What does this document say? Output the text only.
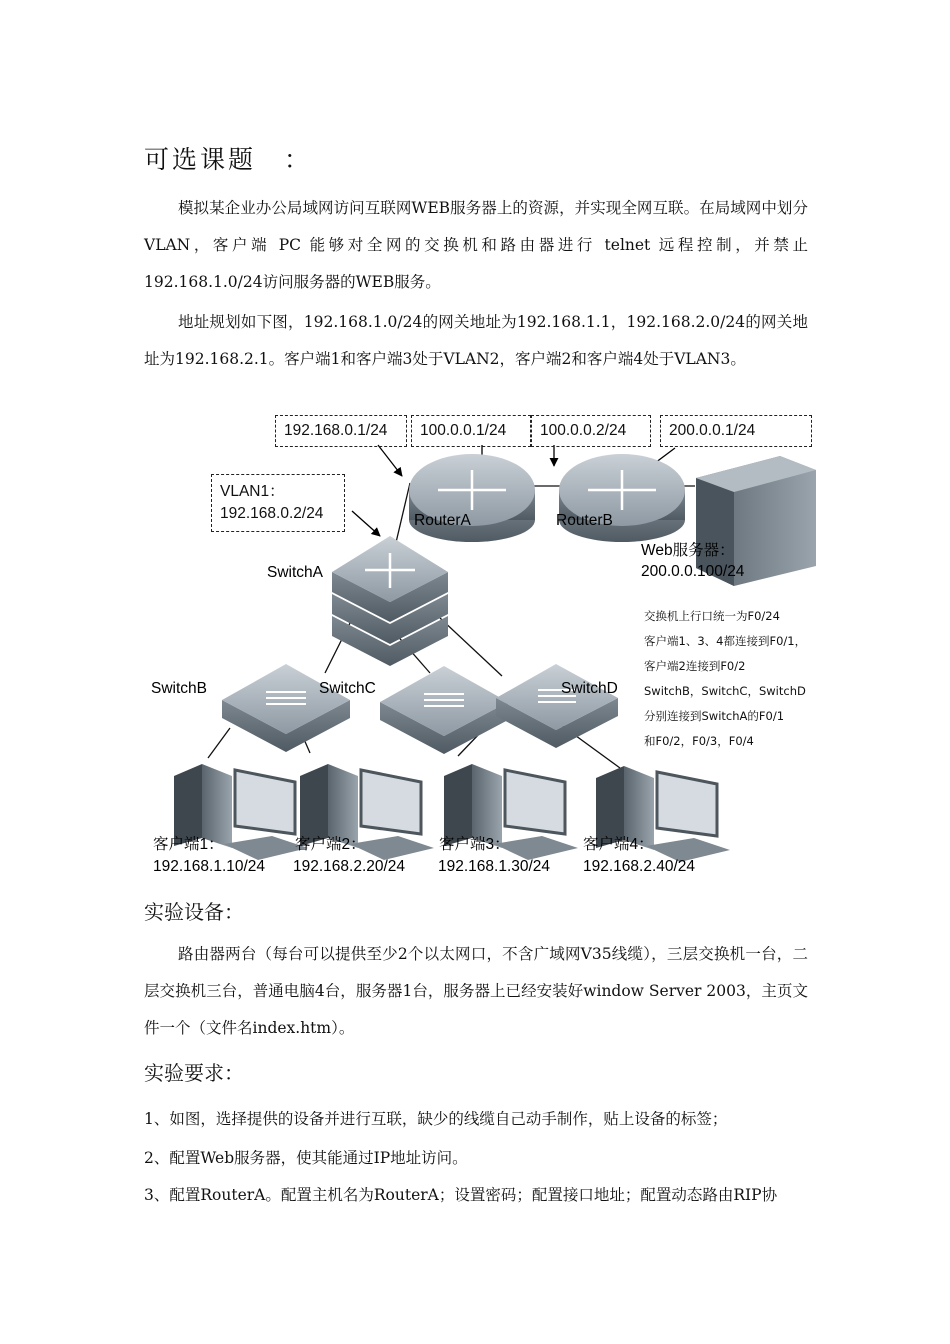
可选课题　：

模拟某企业办公局域网访问互联网WEB服务器上的资源，并实现全网互联。在局域网中划分 VLAN，客户端 PC 能够对全网的交换机和路由器进行 telnet 远程控制，并禁止 192.168.1.0/24访问服务器的WEB服务。

地址规划如下图，192.168.1.0/24的网关地址为192.168.1.1，192.168.2.0/24的网关地址为192.168.2.1。客户端1和客户端3处于VLAN2，客户端2和客户端4处于VLAN3。

192.168.0.1/24	100.0.0.1/24	100.0.0.2/24	200.0.0.1/24
VLAN1：
192.168.0.2/24	RouterA	RouterB
SwitchA
SwitchB	SwitchC	SwitchD
Web服务器：
200.0.0.100/24
客户端1：
192.168.1.10/24
客户端2：
192.168.2.20/24
客户端3：
192.168.1.30/24
客户端4：
192.168.2.40/24
交换机上行口统一为F0/24
客户端1、3、4都连接到F0/1，
客户端2连接到F0/2
SwitchB，SwitchC，SwitchD
分别连接到SwitchA的F0/1
和F0/2，F0/3，F0/4
实验设备：

路由器两台（每台可以提供至少2个以太网口，不含广域网V35线缆），三层交换机一台，二层交换机三台，普通电脑4台，服务器1台，服务器上已经安装好window Server 2003，主页文件一个（文件名index.htm）。

实验要求：
1、如图，选择提供的设备并进行互联，缺少的线缆自己动手制作，贴上设备的标签；
2、配置Web服务器，使其能通过IP地址访问。
3、配置RouterA。配置主机名为RouterA；设置密码；配置接口地址；配置动态路由RIP协
